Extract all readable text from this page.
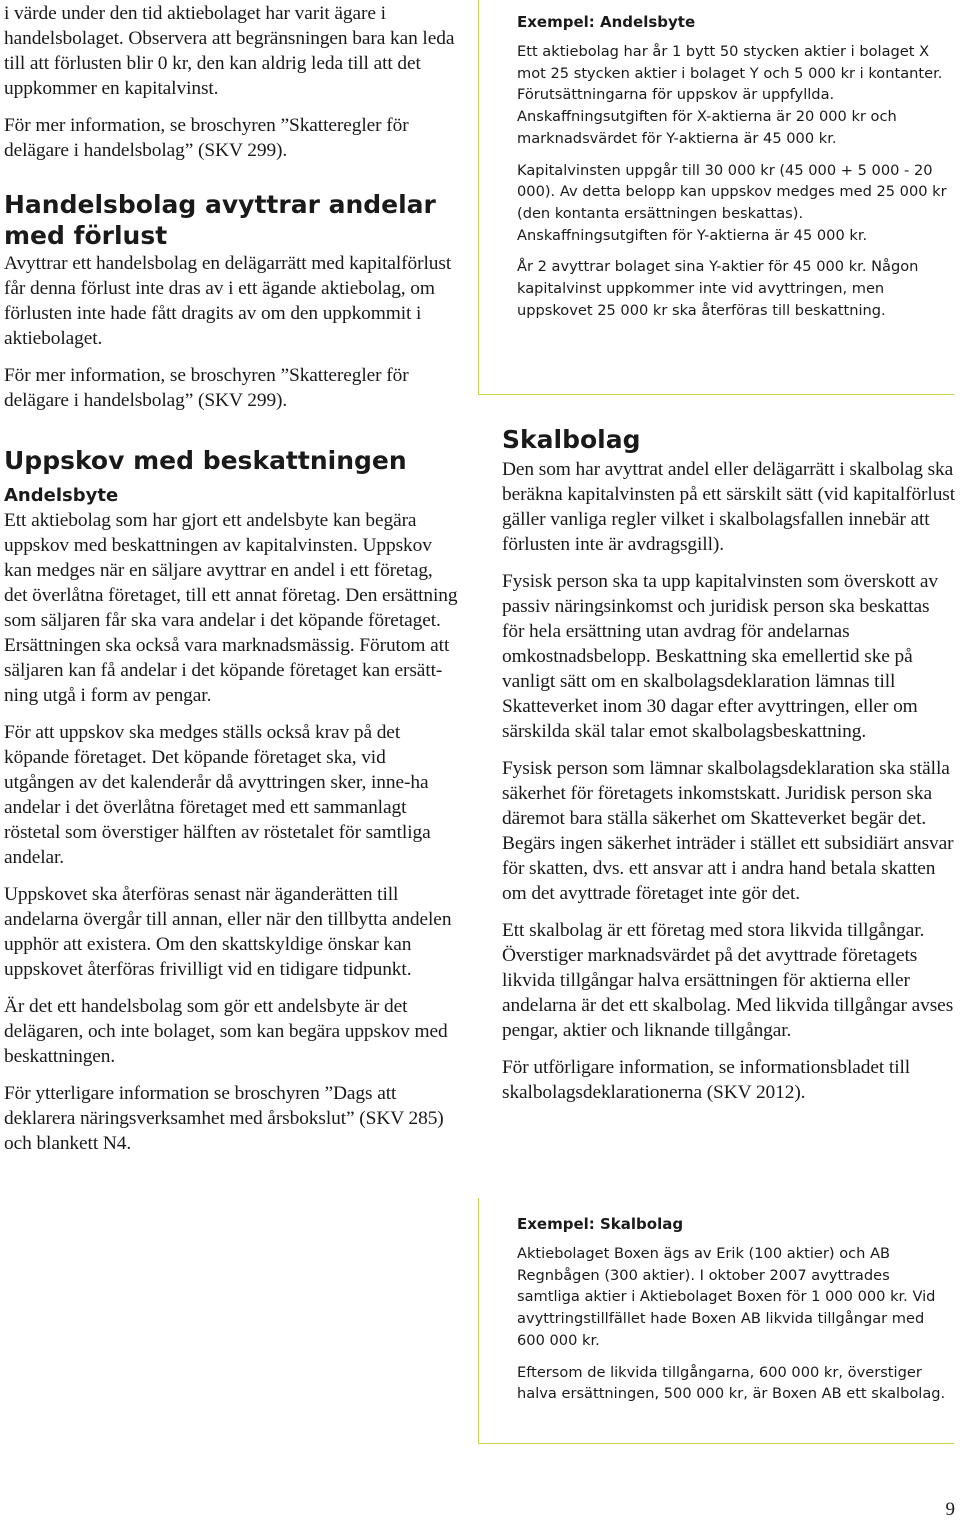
i värde under den tid aktiebolaget har varit ägare i handelsbolaget. Observera att begränsningen bara kan leda till att förlusten blir 0 kr, den kan aldrig leda till att det uppkommer en kapitalvinst.

För mer information, se broschyren ”Skatteregler för delägare i handelsbolag” (SKV 299).

Handelsbolag avyttrar andelar med förlust

Avyttrar ett handelsbolag en delägarrätt med kapitalförlust får denna förlust inte dras av i ett ägande aktiebolag, om förlusten inte hade fått dragits av om den uppkommit i aktiebolaget.

För mer information, se broschyren ”Skatteregler för delägare i handelsbolag” (SKV 299).

Uppskov med beskattningen
Andelsbyte

Ett aktiebolag som har gjort ett andelsbyte kan begära uppskov med beskattningen av kapitalvinsten. Uppskov kan medges när en säljare avyttrar en andel i ett företag, det överlåtna företaget, till ett annat företag. Den ersättning som säljaren får ska vara andelar i det köpande företaget. Ersättningen ska också vara marknadsmässig. Förutom att säljaren kan få andelar i det köpande företaget kan ersättning utgå i form av pengar.

För att uppskov ska medges ställs också krav på det köpande företaget. Det köpande företaget ska, vid utgången av det kalenderår då avyttringen sker, inne-ha andelar i det överlåtna företaget med ett sammanlagt röstetal som överstiger hälften av röstetalet för samtliga andelar.

Uppskovet ska återföras senast när äganderätten till andelarna övergår till annan, eller när den tillbytta andelen upphör att existera. Om den skattskyldige önskar kan uppskovet återföras frivilligt vid en tidigare tidpunkt.

Är det ett handelsbolag som gör ett andelsbyte är det delägaren, och inte bolaget, som kan begära uppskov med beskattningen.

För ytterligare information se broschyren ”Dags att deklarera näringsverksamhet med årsbokslut” (SKV 285) och blankett N4.

Exempel: Andelsbyte

Ett aktiebolag har år 1 bytt 50 stycken aktier i bolaget X mot 25 stycken aktier i bolaget Y och 5 000 kr i kontanter. Förutsättningarna för uppskov är uppfyllda. Anskaffningsutgiften för X-aktierna är 20 000 kr och marknadsvärdet för Y-aktierna är 45 000 kr.

Kapitalvinsten uppgår till 30 000 kr (45 000 + 5 000 - 20 000). Av detta belopp kan uppskov medges med 25 000 kr (den kontanta ersättningen beskattas). Anskaffningsutgiften för Y-aktierna är 45 000 kr.

År 2 avyttrar bolaget sina Y-aktier för 45 000 kr. Någon kapitalvinst uppkommer inte vid avyttringen, men uppskovet 25 000 kr ska återföras till beskattning.

Skalbolag

Den som har avyttrat andel eller delägarrätt i skalbolag ska beräkna kapitalvinsten på ett särskilt sätt (vid kapitalförlust gäller vanliga regler vilket i skalbolagsfallen innebär att förlusten inte är avdragsgill).

Fysisk person ska ta upp kapitalvinsten som överskott av passiv näringsinkomst och juridisk person ska beskattas för hela ersättning utan avdrag för andelarnas omkostnadsbelopp. Beskattning ska emellertid ske på vanligt sätt om en skalbolagsdeklaration lämnas till Skatteverket inom 30 dagar efter avyttringen, eller om särskilda skäl talar emot skalbolagsbeskattning.

Fysisk person som lämnar skalbolagsdeklaration ska ställa säkerhet för företagets inkomstskatt. Juridisk person ska däremot bara ställa säkerhet om Skatteverket begär det. Begärs ingen säkerhet inträder i stället ett subsidiärt ansvar för skatten, dvs. ett ansvar att i andra hand betala skatten om det avyttrade företaget inte gör det.

Ett skalbolag är ett företag med stora likvida tillgångar. Överstiger marknadsvärdet på det avyttrade företagets likvida tillgångar halva ersättningen för aktierna eller andelarna är det ett skalbolag. Med likvida tillgångar avses pengar, aktier och liknande tillgångar.

För utförligare information, se informationsbladet till skalbolagsdeklarationerna (SKV 2012).

Exempel: Skalbolag

Aktiebolaget Boxen ägs av Erik (100 aktier) och AB Regnbågen (300 aktier). I oktober 2007 avyttrades samtliga aktier i Aktiebolaget Boxen för 1 000 000 kr. Vid avyttringstillfället hade Boxen AB likvida tillgångar med 600 000 kr.

Eftersom de likvida tillgångarna, 600 000 kr, överstiger halva ersättningen, 500 000 kr, är Boxen AB ett skalbolag.

9
